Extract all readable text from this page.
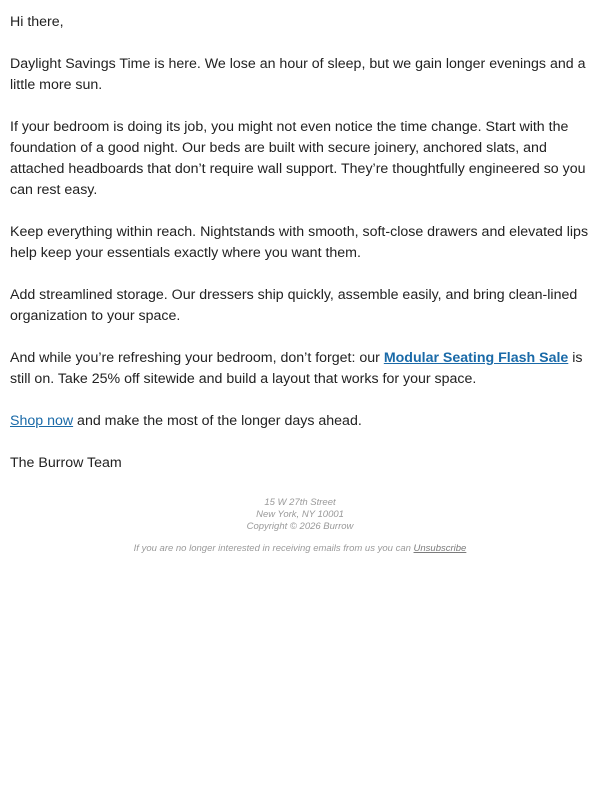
Hi there,

Daylight Savings Time is here. We lose an hour of sleep, but we gain longer evenings and a little more sun.

If your bedroom is doing its job, you might not even notice the time change. Start with the foundation of a good night. Our beds are built with secure joinery, anchored slats, and attached headboards that don’t require wall support. They’re thoughtfully engineered so you can rest easy.

Keep everything within reach. Nightstands with smooth, soft-close drawers and elevated lips help keep your essentials exactly where you want them.

Add streamlined storage. Our dressers ship quickly, assemble easily, and bring clean-lined organization to your space.

And while you’re refreshing your bedroom, don’t forget: our Modular Seating Flash Sale is still on. Take 25% off sitewide and build a layout that works for your space.

Shop now and make the most of the longer days ahead.

The Burrow Team

15 W 27th Street
New York, NY 10001
Copyright © 2026 Burrow
If you are no longer interested in receiving emails from us you can Unsubscribe
